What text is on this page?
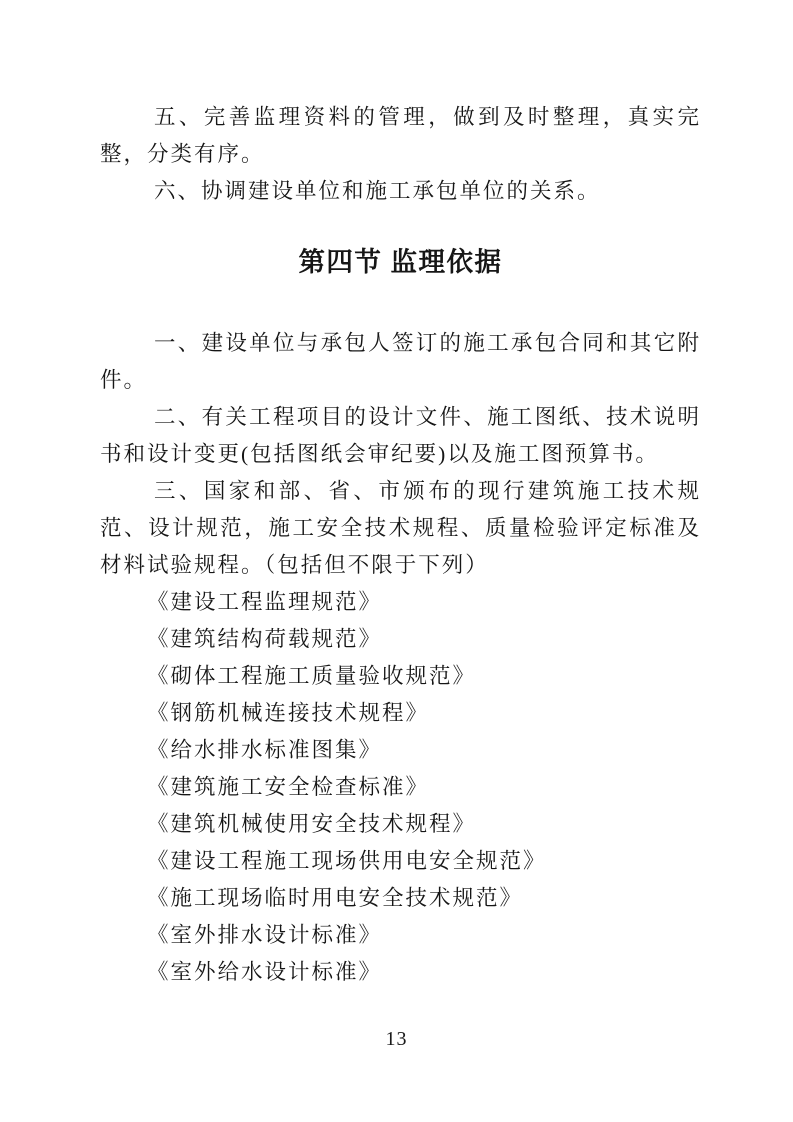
五、完善监理资料的管理，做到及时整理，真实完整，分类有序。

六、协调建设单位和施工承包单位的关系。

第四节 监理依据

一、建设单位与承包人签订的施工承包合同和其它附件。

二、有关工程项目的设计文件、施工图纸、技术说明书和设计变更(包括图纸会审纪要)以及施工图预算书。

三、国家和部、省、市颁布的现行建筑施工技术规范、设计规范，施工安全技术规程、质量检验评定标准及材料试验规程。（包括但不限于下列）

《建设工程监理规范》

《建筑结构荷载规范》

《砌体工程施工质量验收规范》

《钢筋机械连接技术规程》

《给水排水标准图集》

《建筑施工安全检查标准》

《建筑机械使用安全技术规程》

《建设工程施工现场供用电安全规范》

《施工现场临时用电安全技术规范》

《室外排水设计标准》

《室外给水设计标准》

13
